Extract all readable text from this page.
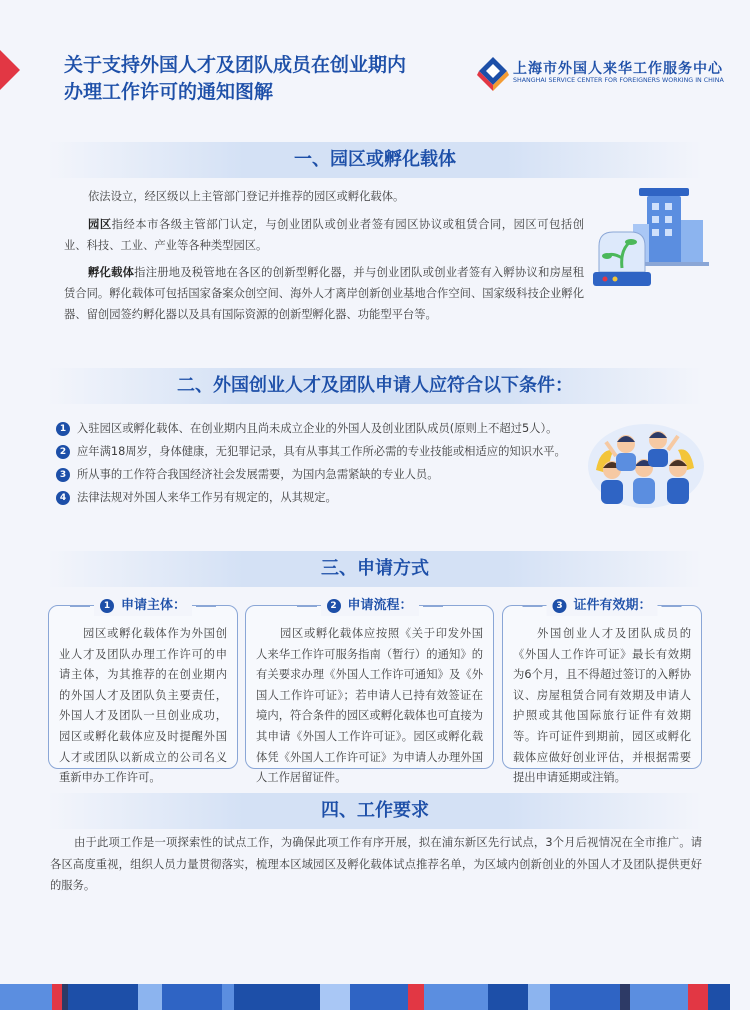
关于支持外国人才及团队成员在创业期内
办理工作许可的通知图解
上海市外国人来华工作服务中心
SHANGHAI SERVICE CENTER FOR FOREIGNERS WORKING IN CHINA
一、园区或孵化载体
依法设立，经区级以上主管部门登记并推荐的园区或孵化载体。
园区指经本市各级主管部门认定，与创业团队或创业者签有园区协议或租赁合同，园区可包括创业、科技、工业、产业等各种类型园区。
孵化载体指注册地及税管地在各区的创新型孵化器，并与创业团队或创业者签有入孵协议和房屋租赁合同。孵化载体可包括国家备案众创空间、海外人才离岸创新创业基地合作空间、国家级科技企业孵化器、留创园签约孵化器以及具有国际资源的创新型孵化器、功能型平台等。
二、外国创业人才及团队申请人应符合以下条件：
1 入驻园区或孵化载体、在创业期内且尚未成立企业的外国人及创业团队成员(原则上不超过5人）。
2 应年满18周岁，身体健康，无犯罪记录，具有从事其工作所必需的专业技能或相适应的知识水平。
3 所从事的工作符合我国经济社会发展需要，为国内急需紧缺的专业人员。
4 法律法规对外国人来华工作另有规定的，从其规定。
三、申请方式
1 申请主体：
园区或孵化载体作为外国创业人才及团队办理工作许可的申请主体，为其推荐的在创业期内的外国人才及团队负主要责任，外国人才及团队一旦创业成功，园区或孵化载体应及时提醒外国人才或团队以新成立的公司名义重新申办工作许可。
2 申请流程：
园区或孵化载体应按照《关于印发外国人来华工作许可服务指南（暂行）的通知》的有关要求办理《外国人工作许可通知》及《外国人工作许可证》；若申请人已持有效签证在境内，符合条件的园区或孵化载体也可直接为其申请《外国人工作许可证》。园区或孵化载体凭《外国人工作许可证》为申请人办理外国人工作居留证件。
3 证件有效期：
外国创业人才及团队成员的《外国人工作许可证》最长有效期为6个月，且不得超过签订的入孵协议、房屋租赁合同有效期及申请人护照或其他国际旅行证件有效期等。许可证件到期前，园区或孵化载体应做好创业评估，并根据需要提出申请延期或注销。
四、工作要求
由于此项工作是一项探索性的试点工作，为确保此项工作有序开展，拟在浦东新区先行试点，3个月后视情况在全市推广。请各区高度重视，组织人员力量贯彻落实，梳理本区域园区及孵化载体试点推荐名单，为区域内创新创业的外国人才及团队提供更好的服务。
